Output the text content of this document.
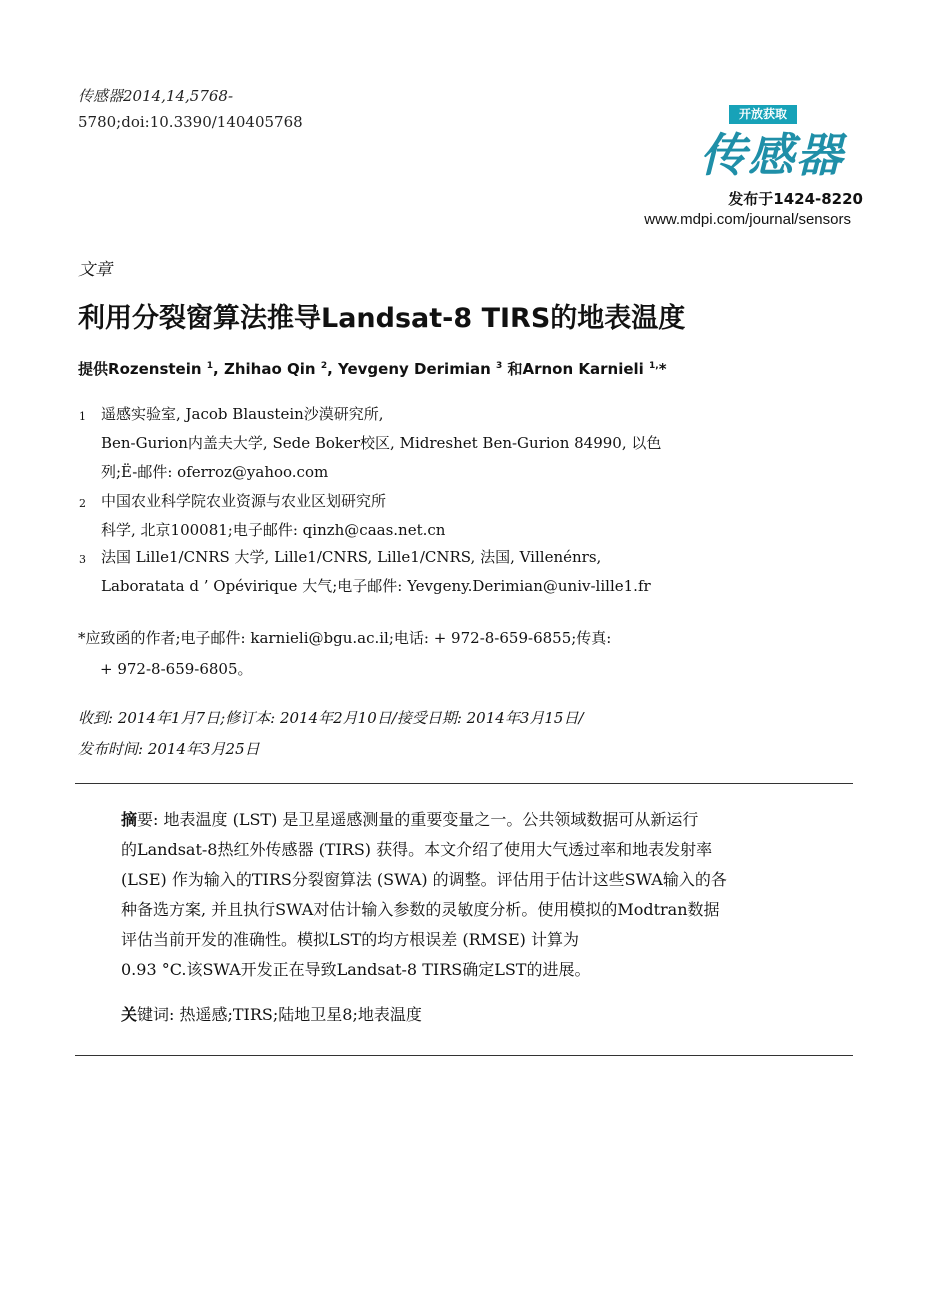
传感器2014,14,5768-
5780;doi:10.3390/140405768	开放获取
传感器
发布于1424-8220
www.mdpi.com/journal/sensors
文章
利用分裂窗算法推导Landsat-8 TIRS的地表温度
提供Rozenstein $^1$, Zhihao Qin $^2$, Yevgeny Derimian $^3$ 和Arnon Karnieli $^{1,}$*
1 遥感实验室, Jacob Blaustein沙漠研究所,
Ben-Gurion内盖夫大学, Sede Boker校区, Midreshet Ben-Gurion 84990, 以色
列;Ë-邮件: oferroz@yahoo.com
2 中国农业科学院农业资源与农业区划研究所
科学, 北京100081;电子邮件: qinzh@caas.net.cn
3 法国 Lille1/CNRS 大学, Lille1/CNRS, Lille1/CNRS, 法国, Villenénrs,
Laboratata d ’ Opévirique 大气;电子邮件: Yevgeny.Derimian@univ-lille1.fr
*应致函的作者;电子邮件: karnieli@bgu.ac.il;电话: + 972-8-659-6855;传真:
+ 972-8-659-6805。
收到: 2014年1月7日;修订本: 2014年2月10日/接受日期: 2014年3月15日/
发布时间: 2014年3月25日
摘要: 地表温度 (LST) 是卫星遥感测量的重要变量之一。公共领域数据可从新运行
的Landsat-8热红外传感器 (TIRS) 获得。本文介绍了使用大气透过率和地表发射率
(LSE) 作为输入的TIRS分裂窗算法 (SWA) 的调整。评估用于估计这些SWA输入的各
种备选方案, 并且执行SWA对估计输入参数的灵敏度分析。使用模拟的Modtran数据
评估当前开发的准确性。模拟LST的均方根误差 (RMSE) 计算为
0.93 °C.该SWA开发正在导致Landsat-8 TIRS确定LST的进展。
关键词: 热遥感;TIRS;陆地卫星8;地表温度
